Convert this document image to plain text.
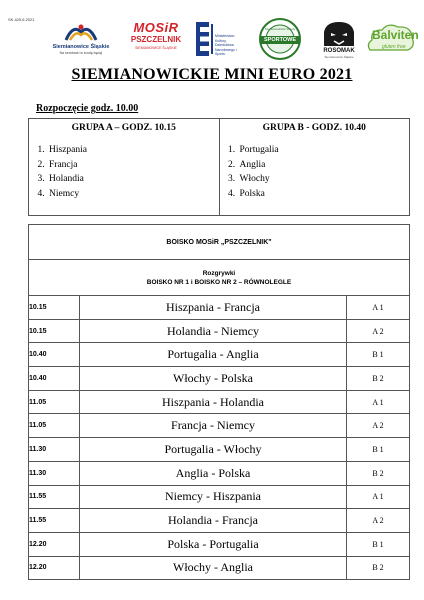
SK.425.6.2021
Siemianowice Śląskie
Na sendrach w środę będą!
MOSiR
PSZCZELNIK
SIEMIANOWICE ŚLĄSKIE
Ministerstwo Kultury, Dziedzictwa Narodowego i Sportu
SPORTOWE
Siemianowickie Szkoły
ROSOMAK
Siemianowice Śląskie
Balviten
gluten free
SIEMIANOWICKIE MINI EURO 2021

Rozpoczęcie godz. 10.00

GRUPA A – GODZ. 10.15
1. Hiszpania
2. Francja
3. Holandia
4. Niemcy

GRUPA B - GODZ. 10.40
1. Portugalia
2. Anglia
3. Włochy
4. Polska
BOISKO MOSiR „PSZCZELNIK"		

Rozgrywki
BOISKO NR 1 i BOISKO NR 2 – RÓWNOLEGLE		

10.15	Hiszpania - Francja	A 1
10.15	Holandia - Niemcy	A 2
10.40	Portugalia - Anglia	B 1
10.40	Włochy - Polska	B 2
11.05	Hiszpania - Holandia	A 1
11.05	Francja - Niemcy	A 2
11.30	Portugalia - Włochy	B 1
11.30	Anglia - Polska	B 2
11.55	Niemcy - Hiszpania	A 1
11.55	Holandia - Francja	A 2
12.20	Polska - Portugalia	B 1
12.20	Włochy - Anglia	B 2
